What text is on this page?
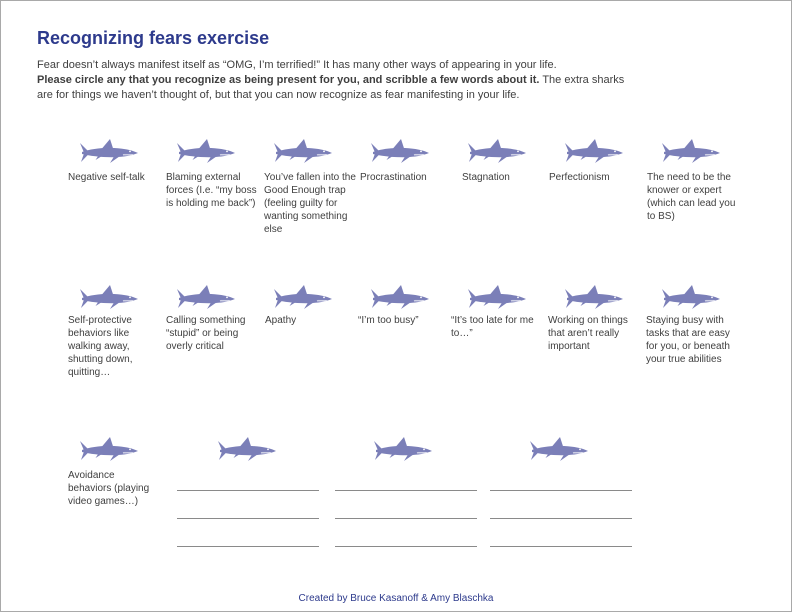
Recognizing fears exercise
Fear doesn’t always manifest itself as “OMG, I’m terrified!” It has many other ways of appearing in your life.
Please circle any that you recognize as being present for you, and scribble a few words about it. The extra sharks are for things we haven’t thought of, but that you can now recognize as fear manifesting in your life.
Negative self-talk	Blaming external forces (I.e. “my boss is holding me back”)
You’ve fallen into the Good Enough trap (feeling guilty for wanting something else
Procrastination	Stagnation	Perfectionism	The need to be the knower or expert (which can lead you to BS)
Self-protective behaviors like walking away, shutting down, quitting…
Calling something “stupid” or being overly critical
Apathy	“I’m too busy”	“It’s too late for me to…”
Working on things that aren’t really important
Staying busy with tasks that are easy for you, or beneath your true abilities
Avoidance behaviors (playing video games…)
Created by Bruce Kasanoff & Amy Blaschka
